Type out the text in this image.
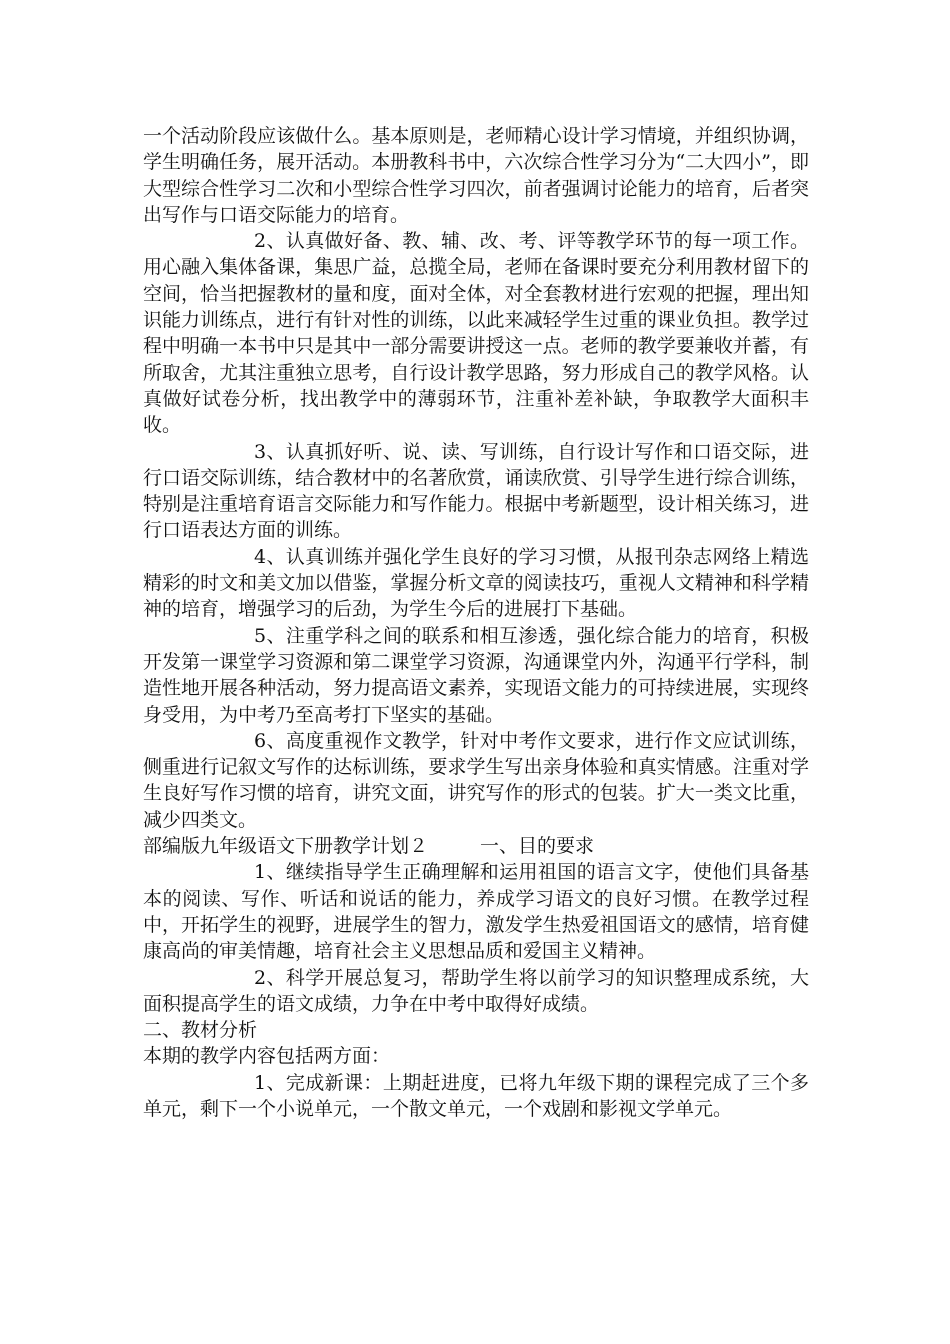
一个活动阶段应该做什么。基本原则是，老师精心设计学习情境，并组织协调，学生明确任务，展开活动。本册教科书中，六次综合性学习分为“二大四小”，即大型综合性学习二次和小型综合性学习四次，前者强调讨论能力的培育，后者突出写作与口语交际能力的培育。

2、认真做好备、教、辅、改、考、评等教学环节的每一项工作。用心融入集体备课，集思广益，总揽全局，老师在备课时要充分利用教材留下的空间，恰当把握教材的量和度，面对全体，对全套教材进行宏观的把握，理出知识能力训练点，进行有针对性的训练，以此来减轻学生过重的课业负担。教学过程中明确一本书中只是其中一部分需要讲授这一点。老师的教学要兼收并蓄，有所取舍，尤其注重独立思考，自行设计教学思路，努力形成自己的教学风格。认真做好试卷分析，找出教学中的薄弱环节，注重补差补缺，争取教学大面积丰收。

3、认真抓好听、说、读、写训练，自行设计写作和口语交际，进行口语交际训练，结合教材中的名著欣赏，诵读欣赏、引导学生进行综合训练，特别是注重培育语言交际能力和写作能力。根据中考新题型，设计相关练习，进行口语表达方面的训练。

4、认真训练并强化学生良好的学习习惯，从报刊杂志网络上精选精彩的时文和美文加以借鉴，掌握分析文章的阅读技巧，重视人文精神和科学精神的培育，增强学习的后劲，为学生今后的进展打下基础。

5、注重学科之间的联系和相互渗透，强化综合能力的培育，积极开发第一课堂学习资源和第二课堂学习资源，沟通课堂内外，沟通平行学科，制造性地开展各种活动，努力提高语文素养，实现语文能力的可持续进展，实现终身受用，为中考乃至高考打下坚实的基础。

6、高度重视作文教学，针对中考作文要求，进行作文应试训练，侧重进行记叙文写作的达标训练，要求学生写出亲身体验和真实情感。注重对学生良好写作习惯的培育，讲究文面，讲究写作的形式的包装。扩大一类文比重，减少四类文。

部编版九年级语文下册教学计划２	一、目的要求

1、继续指导学生正确理解和运用祖国的语言文字，使他们具备基本的阅读、写作、听话和说话的能力，养成学习语文的良好习惯。在教学过程中，开拓学生的视野，进展学生的智力，激发学生热爱祖国语文的感情，培育健康高尚的审美情趣，培育社会主义思想品质和爱国主义精神。

2、科学开展总复习，帮助学生将以前学习的知识整理成系统，大面积提高学生的语文成绩，力争在中考中取得好成绩。

二、教材分析

本期的教学内容包括两方面：

1、完成新课：上期赶进度，已将九年级下期的课程完成了三个多单元，剩下一个小说单元，一个散文单元，一个戏剧和影视文学单元。
